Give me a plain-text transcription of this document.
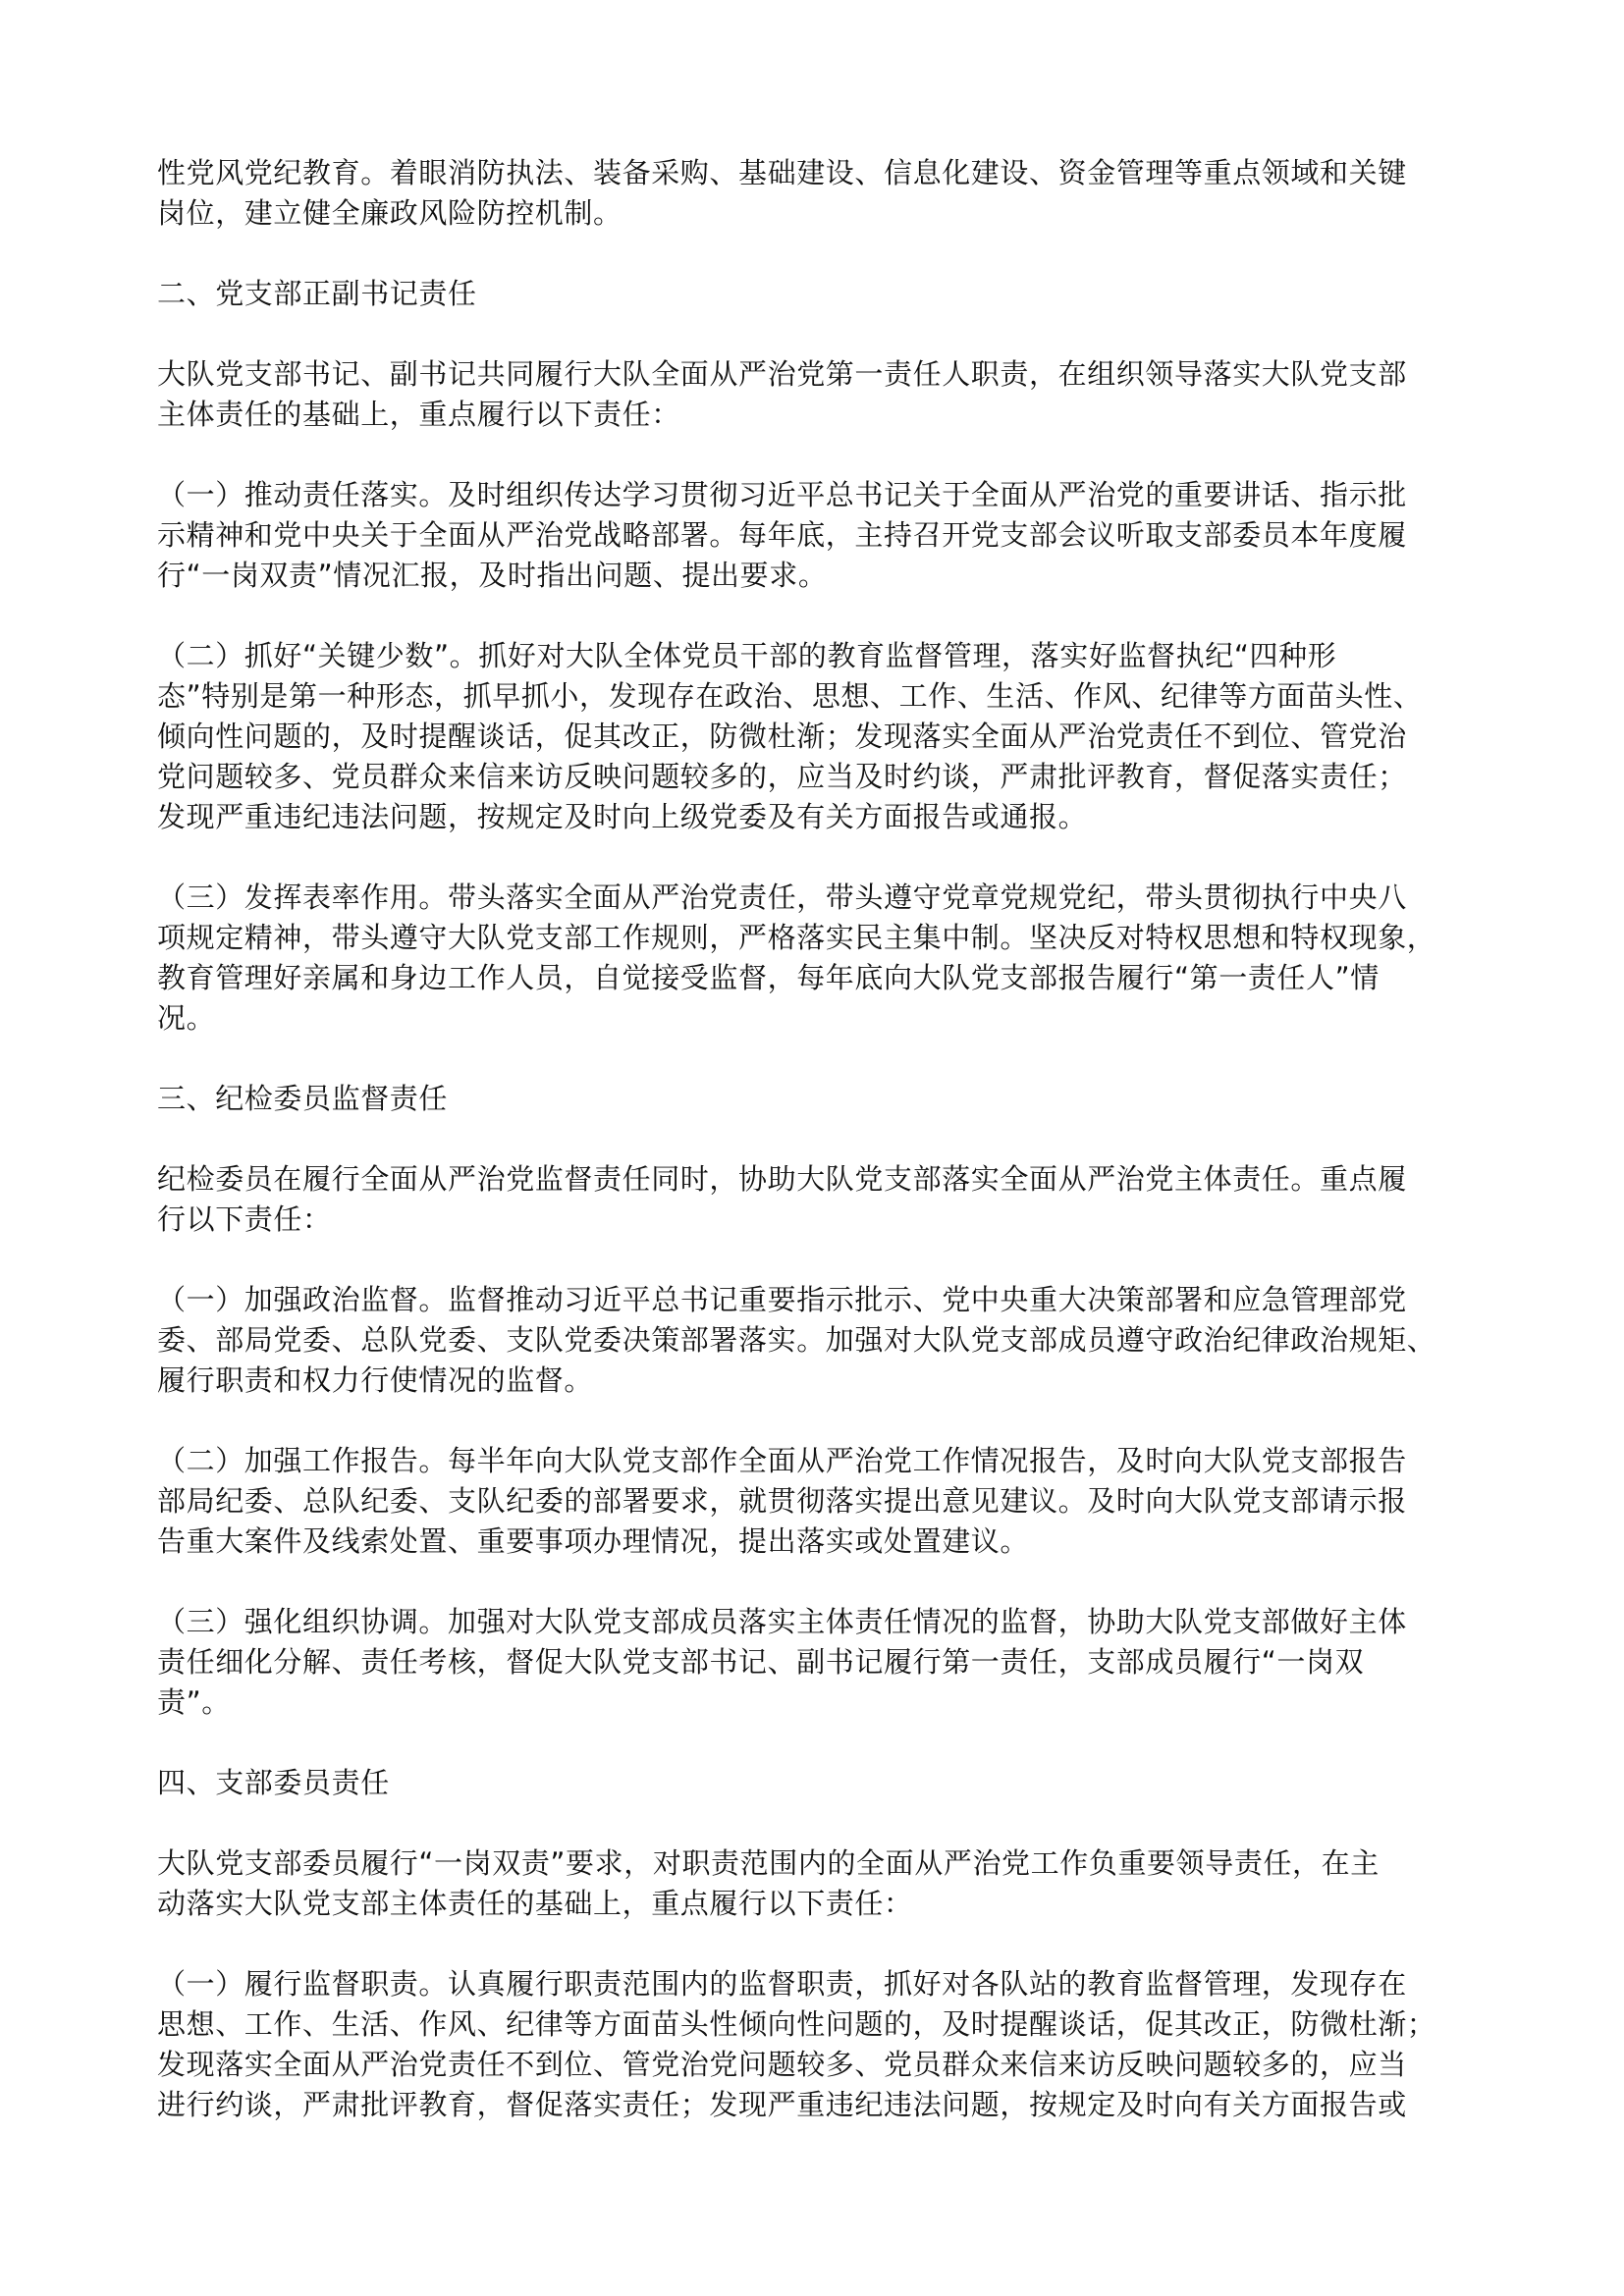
性党风党纪教育。着眼消防执法、装备采购、基础建设、信息化建设、资金管理等重点领域和关键
岗位，建立健全廉政风险防控机制。
二、党支部正副书记责任
大队党支部书记、副书记共同履行大队全面从严治党第一责任人职责，在组织领导落实大队党支部
主体责任的基础上，重点履行以下责任：
（一）推动责任落实。及时组织传达学习贯彻习近平总书记关于全面从严治党的重要讲话、指示批
示精神和党中央关于全面从严治党战略部署。每年底，主持召开党支部会议听取支部委员本年度履
行“一岗双责”情况汇报，及时指出问题、提出要求。
（二）抓好“关键少数”。抓好对大队全体党员干部的教育监督管理，落实好监督执纪“四种形
态”特别是第一种形态，抓早抓小，发现存在政治、思想、工作、生活、作风、纪律等方面苗头性、
倾向性问题的，及时提醒谈话，促其改正，防微杜渐；发现落实全面从严治党责任不到位、管党治
党问题较多、党员群众来信来访反映问题较多的，应当及时约谈，严肃批评教育，督促落实责任；
发现严重违纪违法问题，按规定及时向上级党委及有关方面报告或通报。
（三）发挥表率作用。带头落实全面从严治党责任，带头遵守党章党规党纪，带头贯彻执行中央八
项规定精神，带头遵守大队党支部工作规则，严格落实民主集中制。坚决反对特权思想和特权现象，
教育管理好亲属和身边工作人员，自觉接受监督，每年底向大队党支部报告履行“第一责任人”情
况。
三、纪检委员监督责任
纪检委员在履行全面从严治党监督责任同时，协助大队党支部落实全面从严治党主体责任。重点履
行以下责任：
（一）加强政治监督。监督推动习近平总书记重要指示批示、党中央重大决策部署和应急管理部党
委、部局党委、总队党委、支队党委决策部署落实。加强对大队党支部成员遵守政治纪律政治规矩、
履行职责和权力行使情况的监督。
（二）加强工作报告。每半年向大队党支部作全面从严治党工作情况报告，及时向大队党支部报告
部局纪委、总队纪委、支队纪委的部署要求，就贯彻落实提出意见建议。及时向大队党支部请示报
告重大案件及线索处置、重要事项办理情况，提出落实或处置建议。
（三）强化组织协调。加强对大队党支部成员落实主体责任情况的监督，协助大队党支部做好主体
责任细化分解、责任考核，督促大队党支部书记、副书记履行第一责任，支部成员履行“一岗双
责”。
四、支部委员责任
大队党支部委员履行“一岗双责”要求，对职责范围内的全面从严治党工作负重要领导责任，在主
动落实大队党支部主体责任的基础上，重点履行以下责任：
（一）履行监督职责。认真履行职责范围内的监督职责，抓好对各队站的教育监督管理，发现存在
思想、工作、生活、作风、纪律等方面苗头性倾向性问题的，及时提醒谈话，促其改正，防微杜渐；
发现落实全面从严治党责任不到位、管党治党问题较多、党员群众来信来访反映问题较多的，应当
进行约谈，严肃批评教育，督促落实责任；发现严重违纪违法问题，按规定及时向有关方面报告或
